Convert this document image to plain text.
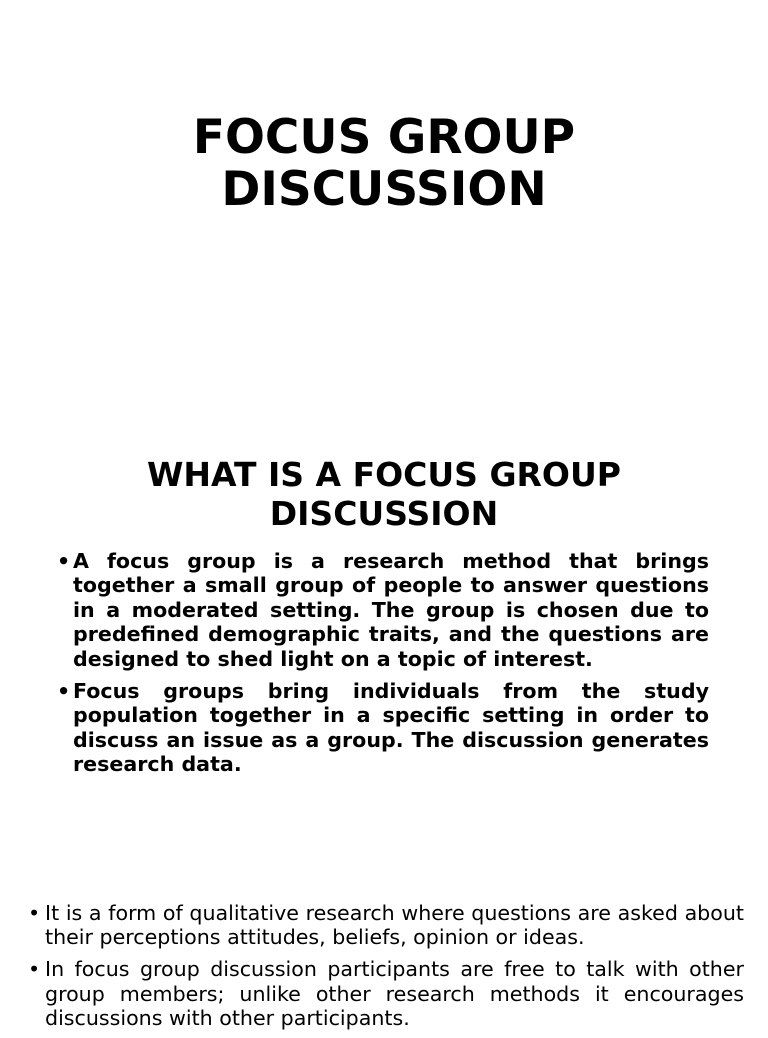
FOCUS GROUP
DISCUSSION
WHAT IS A FOCUS GROUP
DISCUSSION
• A focus group is a research method that brings together a small group of people to answer questions in a moderated setting. The group is chosen due to predefined demographic traits, and the questions are designed to shed light on a topic of interest.
• Focus groups bring individuals from the study population together in a specific setting in order to discuss an issue as a group. The discussion generates research data.
• It is a form of qualitative research where questions are asked about their perceptions attitudes, beliefs, opinion or ideas.
• In focus group discussion participants are free to talk with other group members; unlike other research methods it encourages discussions with other participants.
